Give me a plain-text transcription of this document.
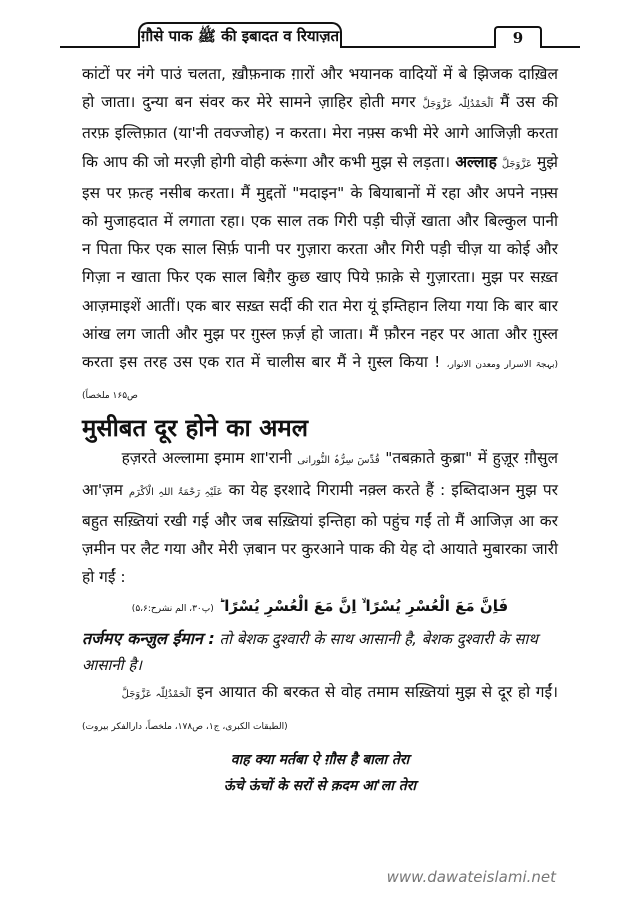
ग़ौसे पाक ﷺ की इबादत व रियाज़त	9

कांटों पर नंगे पाउं चलता, ख़ौफ़नाक ग़ारों और भयानक वादियों में बे झिजक दाख़िल हो जाता। दुन्या बन संवर कर मेरे सामने ज़ाहिर होती मगर اَلْحَمْدُلِلّٰہ عَزَّوَجَلَّ मैं उस की तरफ़ इल्तिफ़ात (या'नी तवज्जोह) न करता। मेरा नफ़्स कभी मेरे आगे आजिज़ी करता कि आप की जो मरज़ी होगी वोही करूंगा और कभी मुझ से लड़ता। अल्लाह عَزَّوَجَلَّ मुझे इस पर फ़त्ह नसीब करता। मैं मुद्दतों "मदाइन" के बियाबानों में रहा और अपने नफ़्स को मुजाहदात में लगाता रहा। एक साल तक गिरी पड़ी चीज़ें खाता और बिल्कुल पानी न पिता फिर एक साल सिर्फ़ पानी पर गुज़ारा करता और गिरी पड़ी चीज़ या कोई और गिज़ा न खाता फिर एक साल बिग़ैर कुछ खाए पिये फ़ाक़े से गुज़ारता। मुझ पर सख़्त आज़माइशें आतीं। एक बार सख़्त सर्दी की रात मेरा यूं इम्तिहान लिया गया कि बार बार आंख लग जाती और मुझ पर ग़ुस्ल फ़र्ज़ हो जाता। मैं फ़ौरन नहर पर आता और ग़ुस्ल करता इस तरह उस एक रात में चालीस बार मैं ने ग़ुस्ल किया ! (بہجۃ الاسرار ومعدن الانوار، ص۱۶۵ ملخصاً)

मुसीबत दूर होने का अमल

हज़रते अल्लामा इमाम शा'रानी قُدِّسَ سِرُّہُ النُّورانی "तबक़ाते कुब्रा" में हुज़ूर ग़ौसुल आ'ज़म عَلَیْہِ رَحْمَۃُ اللہِ الْاَکْرَم का येह इरशादे गिरामी नक़्ल करते हैं : इब्तिदाअन मुझ पर बहुत सख़्तियां रखी गई और जब सख़्तियां इन्तिहा को पहुंच गईं तो मैं आजिज़ आ कर ज़मीन पर लैट गया और मेरी ज़बान पर कुरआने पाक की येह दो आयाते मुबारका जारी हो गईं :

فَاِنَّ مَعَ الْعُسْرِ یُسْرًا ۙ اِنَّ مَعَ الْعُسْرِ یُسْرًا ؕ (پ۳۰، الم نشرح:۵،۶)

तर्जमए कन्ज़ुल ईमान : तो बेशक दुश्वारी के साथ आसानी है, बेशक दुश्वारी के साथ आसानी है।

اَلْحَمْدُلِلّٰہ عَزَّوَجَلَّ इन आयात की बरकत से वोह तमाम सख़्तियां मुझ से दूर हो गईं। (الطبقات الکبری، ج۱، ص۱۷۸، ملخصاً، دارالفکر بیروت)

वाह क्या मर्तबा ऐ ग़ौस है बाला तेरा

ऊंचे ऊंचों के सरों से क़दम आ'ला तेरा

www.dawateislami.net
